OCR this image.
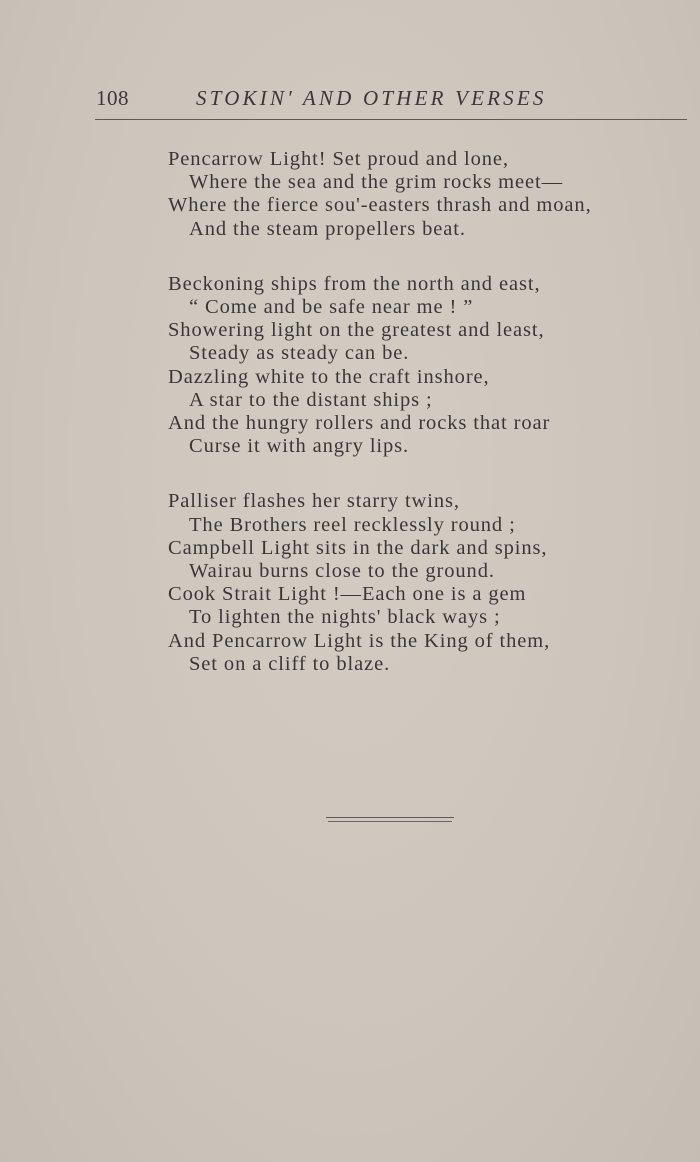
108	STOKIN' AND OTHER VERSES
Pencarrow Light! Set proud and lone,
Where the sea and the grim rocks meet—
Where the fierce sou'-easters thrash and moan,
And the steam propellers beat.
Beckoning ships from the north and east,
“ Come and be safe near me ! ”
Showering light on the greatest and least,
Steady as steady can be.
Dazzling white to the craft inshore,
A star to the distant ships ;
And the hungry rollers and rocks that roar
Curse it with angry lips.
Palliser flashes her starry twins,
The Brothers reel recklessly round ;
Campbell Light sits in the dark and spins,
Wairau burns close to the ground.
Cook Strait Light !—Each one is a gem
To lighten the nights' black ways ;
And Pencarrow Light is the King of them,
Set on a cliff to blaze.
